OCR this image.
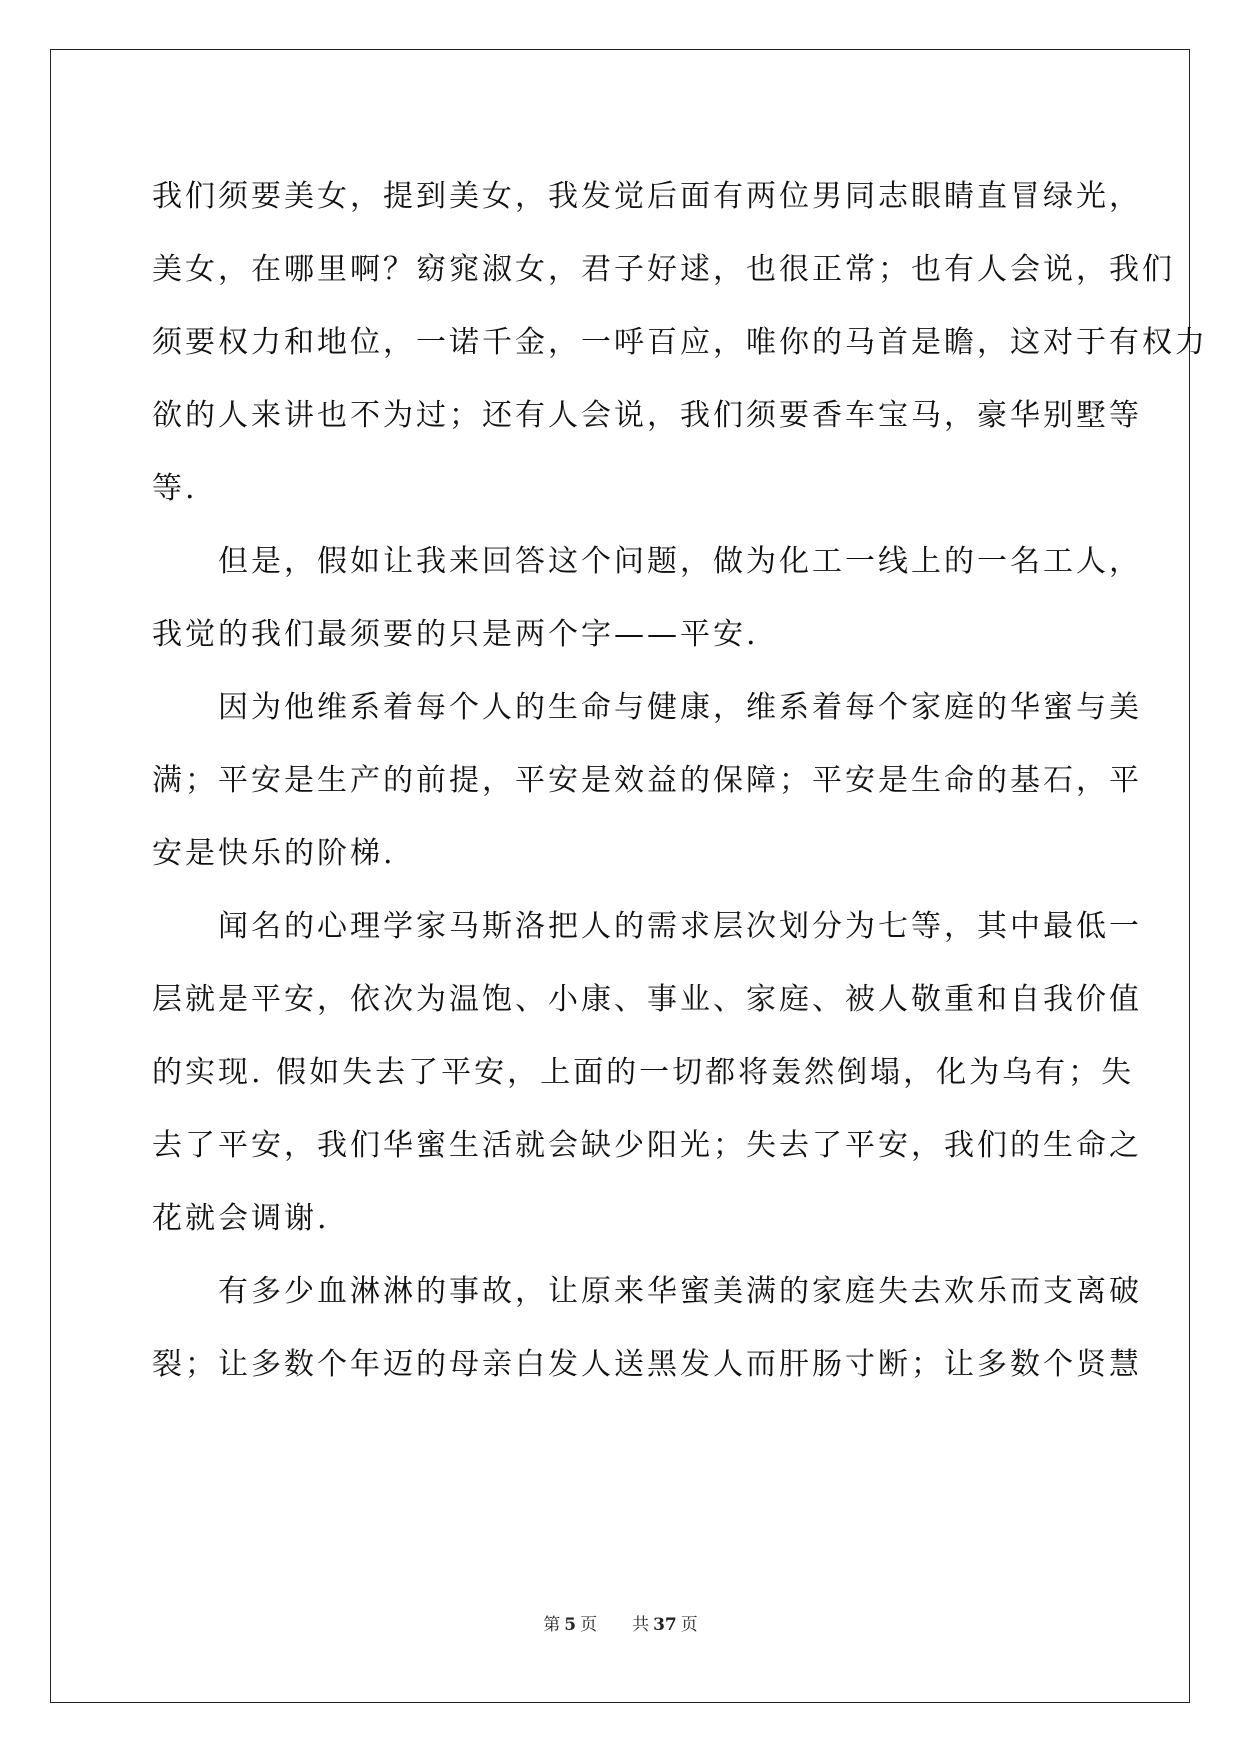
我们须要美女，提到美女，我发觉后面有两位男同志眼睛直冒绿光，
美女，在哪里啊？窈窕淑女，君子好逑，也很正常；也有人会说，我们
须要权力和地位，一诺千金，一呼百应，唯你的马首是瞻，这对于有权力
欲的人来讲也不为过；还有人会说，我们须要香车宝马，豪华别墅等
等.
　　但是，假如让我来回答这个问题，做为化工一线上的一名工人，
我觉的我们最须要的只是两个字——平安.
　　因为他维系着每个人的生命与健康，维系着每个家庭的华蜜与美
满；平安是生产的前提，平安是效益的保障；平安是生命的基石，平
安是快乐的阶梯.
　　闻名的心理学家马斯洛把人的需求层次划分为七等，其中最低一
层就是平安，依次为温饱、小康、事业、家庭、被人敬重和自我价值
的实现. 假如失去了平安，上面的一切都将轰然倒塌，化为乌有；失
去了平安，我们华蜜生活就会缺少阳光；失去了平安，我们的生命之
花就会调谢.
　　有多少血淋淋的事故，让原来华蜜美满的家庭失去欢乐而支离破
裂；让多数个年迈的母亲白发人送黑发人而肝肠寸断；让多数个贤慧
第 5 页 共 37 页
